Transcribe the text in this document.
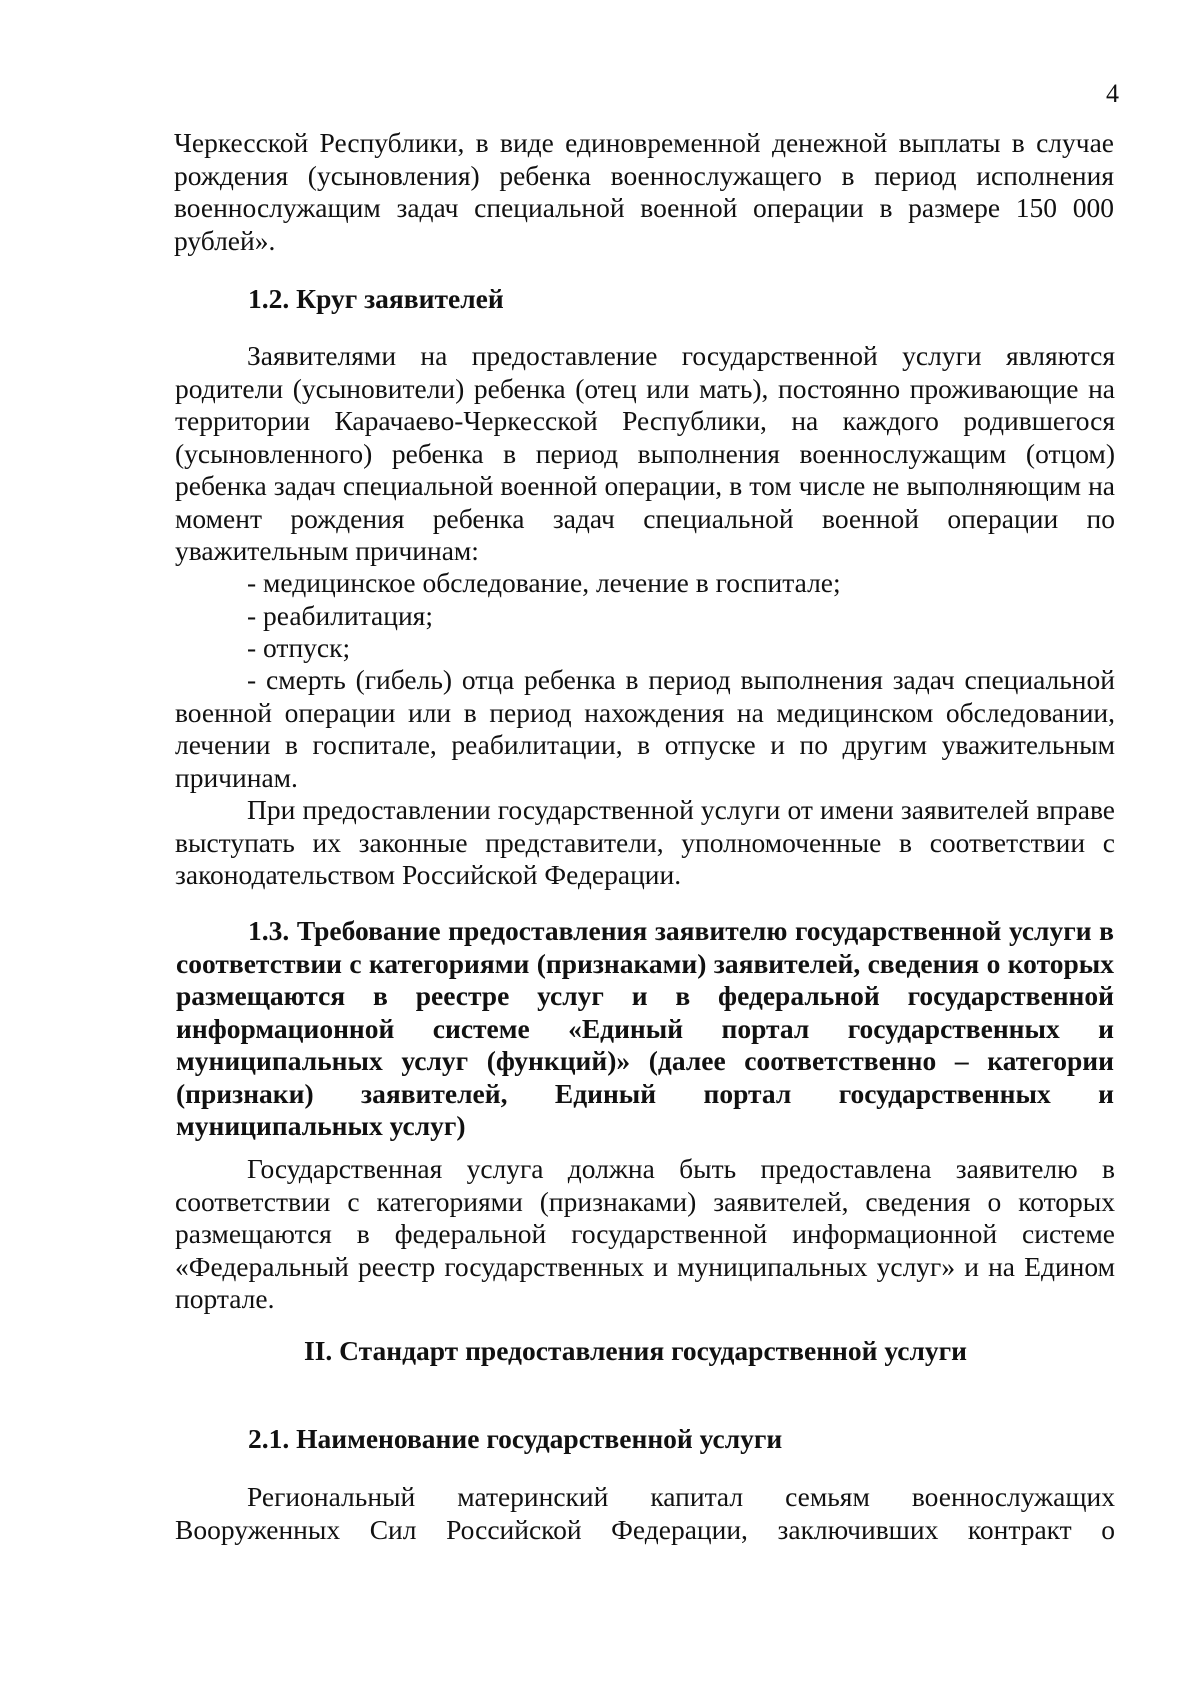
4
Черкесской Республики, в виде единовременной денежной выплаты в случае рождения (усыновления) ребенка военнослужащего в период исполнения военнослужащим задач специальной военной операции в размере 150 000 рублей».
1.2. Круг заявителей
Заявителями на предоставление государственной услуги являются родители (усыновители) ребенка (отец или мать), постоянно проживающие на территории Карачаево-Черкесской Республики, на каждого родившегося (усыновленного) ребенка в период выполнения военнослужащим (отцом) ребенка задач специальной военной операции, в том числе не выполняющим на момент рождения ребенка задач специальной военной операции по уважительным причинам:
- медицинское обследование, лечение в госпитале;
- реабилитация;
- отпуск;
- смерть (гибель) отца ребенка в период выполнения задач специальной военной операции или в период нахождения на медицинском обследовании, лечении в госпитале, реабилитации, в отпуске и по другим уважительным причинам.
При предоставлении государственной услуги от имени заявителей вправе выступать их законные представители, уполномоченные в соответствии с законодательством Российской Федерации.
1.3. Требование предоставления заявителю государственной услуги в соответствии с категориями (признаками) заявителей, сведения о которых размещаются в реестре услуг и в федеральной государственной информационной системе «Единый портал государственных и муниципальных услуг (функций)» (далее соответственно – категории (признаки) заявителей, Единый портал государственных и муниципальных услуг)
Государственная услуга должна быть предоставлена заявителю в соответствии с категориями (признаками) заявителей, сведения о которых размещаются в федеральной государственной информационной системе «Федеральный реестр государственных и муниципальных услуг» и на Едином портале.
II. Стандарт предоставления государственной услуги
2.1. Наименование государственной услуги
Региональный материнский капитал семьям военнослужащих Вооруженных Сил Российской Федерации, заключивших контракт о
